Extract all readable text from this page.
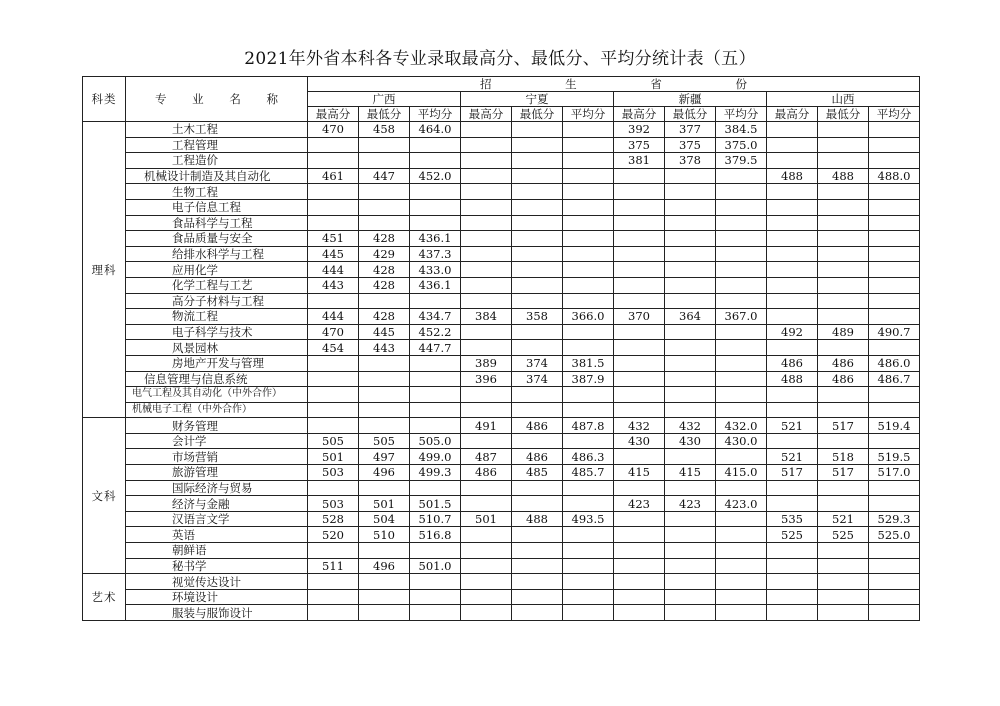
2021年外省本科各专业录取最高分、最低分、平均分统计表（五）
科类	专 业 名 称	招 生 省 份											
		广西			宁夏			新疆			山西		
		最高分	最低分	平均分	最高分	最低分	平均分	最高分	最低分	平均分	最高分	最低分	平均分
理科	土木工程	470	458	464.0				392	377	384.5			
	工程管理							375	375	375.0			
	工程造价							381	378	379.5			
	机械设计制造及其自动化	461	447	452.0							488	488	488.0
	生物工程												
	电子信息工程												
	食品科学与工程												
	食品质量与安全	451	428	436.1									
	给排水科学与工程	445	429	437.3									
	应用化学	444	428	433.0									
	化学工程与工艺	443	428	436.1									
	高分子材料与工程												
	物流工程	444	428	434.7	384	358	366.0	370	364	367.0			
	电子科学与技术	470	445	452.2							492	489	490.7
	风景园林	454	443	447.7									
	房地产开发与管理				389	374	381.5				486	486	486.0
	信息管理与信息系统				396	374	387.9				488	486	486.7
	电气工程及其自动化（中外合作）												
	机械电子工程（中外合作）												
文科	财务管理				491	486	487.8	432	432	432.0	521	517	519.4
	会计学	505	505	505.0				430	430	430.0			
	市场营销	501	497	499.0	487	486	486.3				521	518	519.5
	旅游管理	503	496	499.3	486	485	485.7	415	415	415.0	517	517	517.0
	国际经济与贸易												
	经济与金融	503	501	501.5				423	423	423.0			
	汉语言文学	528	504	510.7	501	488	493.5				535	521	529.3
	英语	520	510	516.8							525	525	525.0
	朝鲜语												
	秘书学	511	496	501.0									
艺术	视觉传达设计												
	环境设计												
	服装与服饰设计												
